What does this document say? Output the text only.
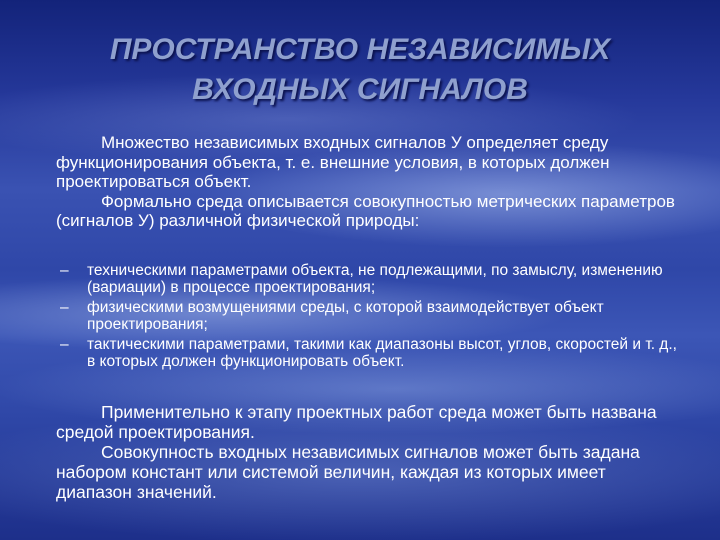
ПРОСТРАНСТВО НЕЗАВИСИМЫХ
ВХОДНЫХ СИГНАЛОВ

Множество независимых входных сигналов У определяет среду функционирования объекта, т. е. внешние условия, в которых должен проектироваться объект.

Формально среда описывается совокупностью метрических параметров (сигналов У) различной физической природы:

– техническими параметрами объекта, не подлежащими, по замыслу, изменению (вариации) в процессе проектирования;
– физическими возмущениями среды, с которой взаимодействует объект проектирования;
– тактическими параметрами, такими как диапазоны высот, углов, скоростей и т. д., в которых должен функционировать объект.

Применительно к этапу проектных работ среда может быть названа средой проектирования.

Совокупность входных независимых сигналов может быть задана набором констант или системой величин, каждая из которых имеет диапазон значений.
